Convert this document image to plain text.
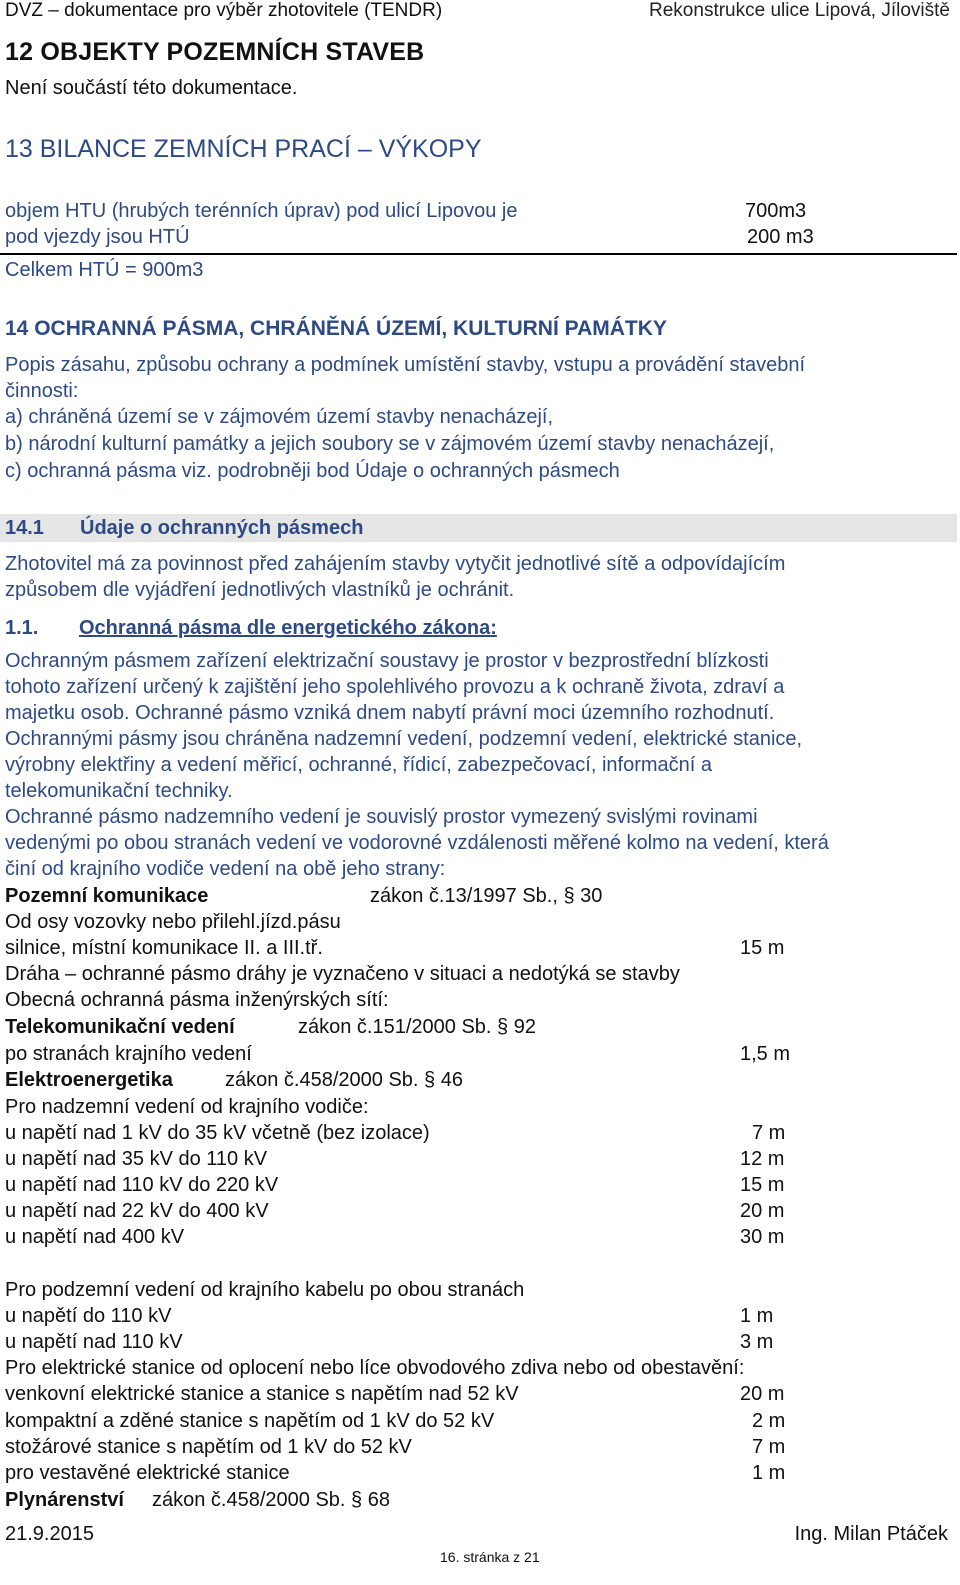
DVZ – dokumentace pro výběr zhotovitele (TENDR)	Rekonstrukce ulice Lipová, Jíloviště
12 OBJEKTY POZEMNÍCH STAVEB
Není součástí této dokumentace.
13 BILANCE ZEMNÍCH PRACÍ – VÝKOPY
objem HTU (hrubých terénních úprav) pod ulicí Lipovou je	700m3
pod vjezdy jsou HTÚ	200 m3
Celkem HTÚ = 900m3
14 OCHRANNÁ PÁSMA, CHRÁNĚNÁ ÚZEMÍ, KULTURNÍ PAMÁTKY
Popis zásahu, způsobu ochrany a podmínek umístění stavby, vstupu a provádění stavební
činnosti:
a) chráněná území se v zájmovém území stavby nenacházejí,
b) národní kulturní památky a jejich soubory se v zájmovém území stavby nenacházejí,
c) ochranná pásma viz. podrobněji bod Údaje o ochranných pásmech
14.1 Údaje o ochranných pásmech
Zhotovitel má za povinnost před zahájením stavby vytyčit jednotlivé sítě a odpovídajícím
způsobem dle vyjádření jednotlivých vlastníků je ochránit.
1.1. Ochranná pásma dle energetického zákona:
Ochranným pásmem zařízení elektrizační soustavy je prostor v bezprostřední blízkosti
tohoto zařízení určený k zajištění jeho spolehlivého provozu a k ochraně života, zdraví a
majetku osob. Ochranné pásmo vzniká dnem nabytí právní moci územního rozhodnutí.
Ochrannými pásmy jsou chráněna nadzemní vedení, podzemní vedení, elektrické stanice,
výrobny elektřiny a vedení měřicí, ochranné, řídicí, zabezpečovací, informační a
telekomunikační techniky.
Ochranné pásmo nadzemního vedení je souvislý prostor vymezený svislými rovinami
vedenými po obou stranách vedení ve vodorovné vzdálenosti měřené kolmo na vedení, která
činí od krajního vodiče vedení na obě jeho strany:
Pozemní komunikace	zákon č.13/1997 Sb., § 30
Od osy vozovky nebo přilehl.jízd.pásu
silnice, místní komunikace II. a III.tř.	15 m
Dráha – ochranné pásmo dráhy je vyznačeno v situaci a nedotýká se stavby
Obecná ochranná pásma inženýrských sítí:
Telekomunikační vedení	zákon č.151/2000 Sb. § 92
po stranách krajního vedení	1,5 m
Elektroenergetika	zákon č.458/2000 Sb. § 46
Pro nadzemní vedení od krajního vodiče:
u napětí nad 1 kV do 35 kV včetně (bez izolace)	7 m
u napětí nad 35 kV do 110 kV	12 m
u napětí nad 110 kV do 220 kV	15 m
u napětí nad 22 kV do 400 kV	20 m
u napětí nad 400 kV	30 m
Pro podzemní vedení od krajního kabelu po obou stranách
u napětí do 110 kV	1 m
u napětí nad 110 kV	3 m
Pro elektrické stanice od oplocení nebo líce obvodového zdiva nebo od obestavění:
venkovní elektrické stanice a stanice s napětím nad 52 kV	20 m
kompaktní a zděné stanice s napětím od 1 kV do 52 kV	2 m
stožárové stanice s napětím od 1 kV do 52 kV	7 m
pro vestavěné elektrické stanice	1 m
Plynárenství zákon č.458/2000 Sb. § 68
21.9.2015	Ing. Milan Ptáček
16. stránka z 21
